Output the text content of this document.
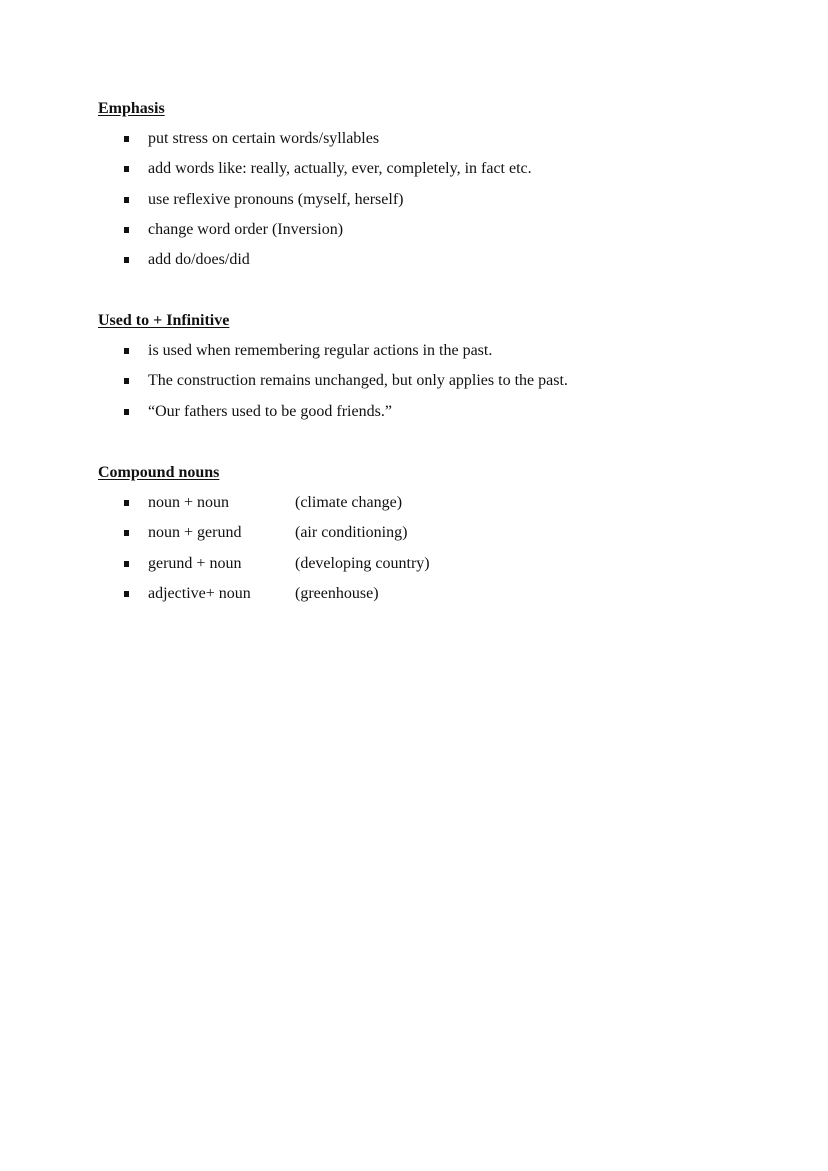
Emphasis
put stress on certain words/syllables
add words like: really, actually, ever, completely, in fact etc.
use reflexive pronouns (myself, herself)
change word order (Inversion)
add do/does/did
Used to + Infinitive
is used when remembering regular actions in the past.
The construction remains unchanged, but only applies to the past.
“Our fathers used to be good friends.”
Compound nouns
noun + noun	(climate change)
noun + gerund	(air conditioning)
gerund + noun	(developing country)
adjective+ noun	(greenhouse)
